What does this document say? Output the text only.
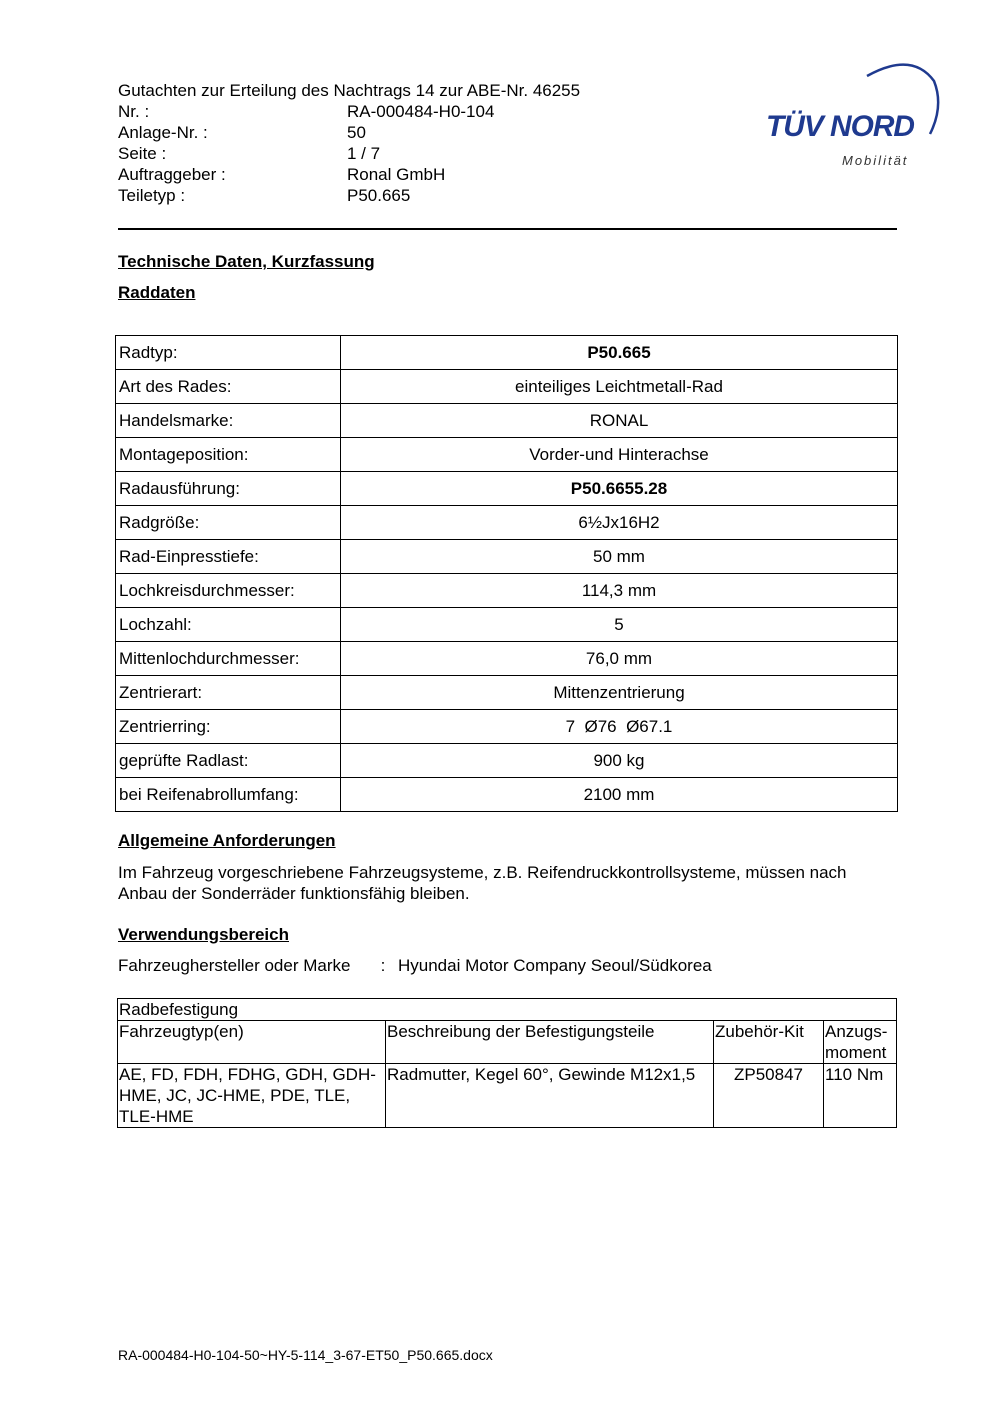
Gutachten zur Erteilung des Nachtrags 14 zur ABE-Nr. 46255
Nr. :	RA-000484-H0-104
Anlage-Nr. :	50
Seite :	1 / 7
Auftraggeber :	Ronal GmbH
Teiletyp :	P50.665
TÜV NORD
Mobilität
Technische Daten, Kurzfassung
Raddaten
Radtyp:	P50.665
Art des Rades:	einteiliges Leichtmetall-Rad
Handelsmarke:	RONAL
Montageposition:	Vorder-und Hinterachse
Radausführung:	P50.6655.28
Radgröße:	6½Jx16H2
Rad-Einpresstiefe:	50 mm
Lochkreisdurchmesser:	114,3 mm
Lochzahl:	5
Mittenlochdurchmesser:	76,0 mm
Zentrierart:	Mittenzentrierung
Zentrierring:	7  Ø76  Ø67.1
geprüfte Radlast:	900 kg
bei Reifenabrollumfang:	2100 mm
Allgemeine Anforderungen
Im Fahrzeug vorgeschriebene Fahrzeugsysteme, z.B. Reifendruckkontrollsysteme, müssen nach Anbau der Sonderräder funktionsfähig bleiben.
Verwendungsbereich
Fahrzeughersteller oder Marke	: Hyundai Motor Company Seoul/Südkorea
Radbefestigung			
Fahrzeugtyp(en)	Beschreibung der Befestigungsteile	Zubehör-Kit	Anzugs-moment
AE, FD, FDH, FDHG, GDH, GDH-HME, JC, JC-HME, PDE, TLE, TLE-HME	Radmutter, Kegel 60°, Gewinde M12x1,5	ZP50847	110 Nm
RA-000484-H0-104-50~HY-5-114_3-67-ET50_P50.665.docx
